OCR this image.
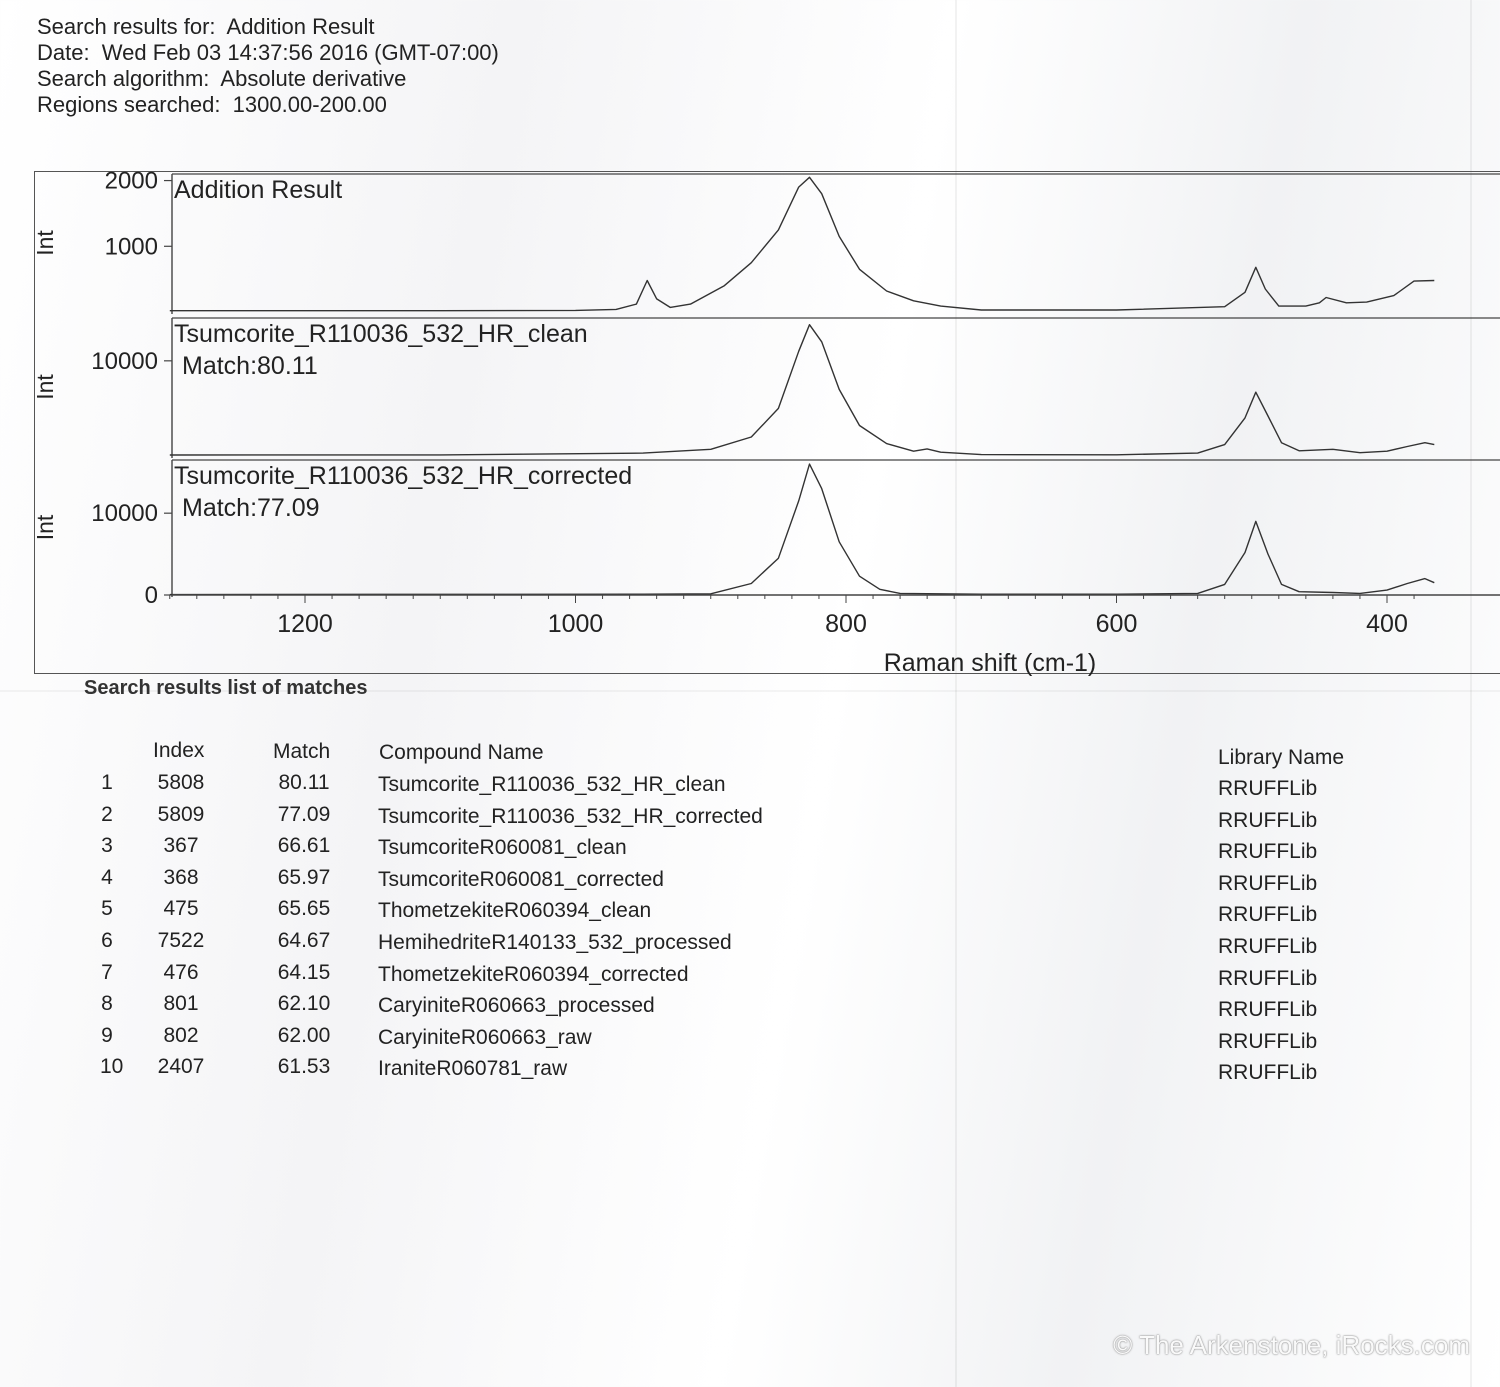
Search results for:  Addition Result
Date:  Wed Feb 03 14:37:56 2016 (GMT-07:00)
Search algorithm:  Absolute derivative
Regions searched:  1300.00-200.00
2000
1000
Int
Addition Result
10000
Int
Tsumcorite_R110036_532_HR_clean
Match:80.11
10000
0
Int
Tsumcorite_R110036_532_HR_corrected
Match:77.09
1200	1000	800	600	400
Raman shift (cm-1)
Search results list of matches
Index	Match Compound Name	Library Name
1 5808	80.11 Tsumcorite_R110036_532_HR_clean	RRUFFLib
2 5809	77.09 Tsumcorite_R110036_532_HR_corrected	RRUFFLib
3	367	66.61 TsumcoriteR060081_clean	RRUFFLib
4	368	65.97 TsumcoriteR060081_corrected	RRUFFLib
5	475	65.65 ThometzekiteR060394_clean	RRUFFLib
6 7522	64.67 HemihedriteR140133_532_processed	RRUFFLib
7	476	64.15 ThometzekiteR060394_corrected	RRUFFLib
8	801	62.10 CaryiniteR060663_processed	RRUFFLib
9	802	62.00 CaryiniteR060663_raw	RRUFFLib
10 2407	61.53 IraniteR060781_raw	RRUFFLib
© The Arkenstone, iRocks.com
